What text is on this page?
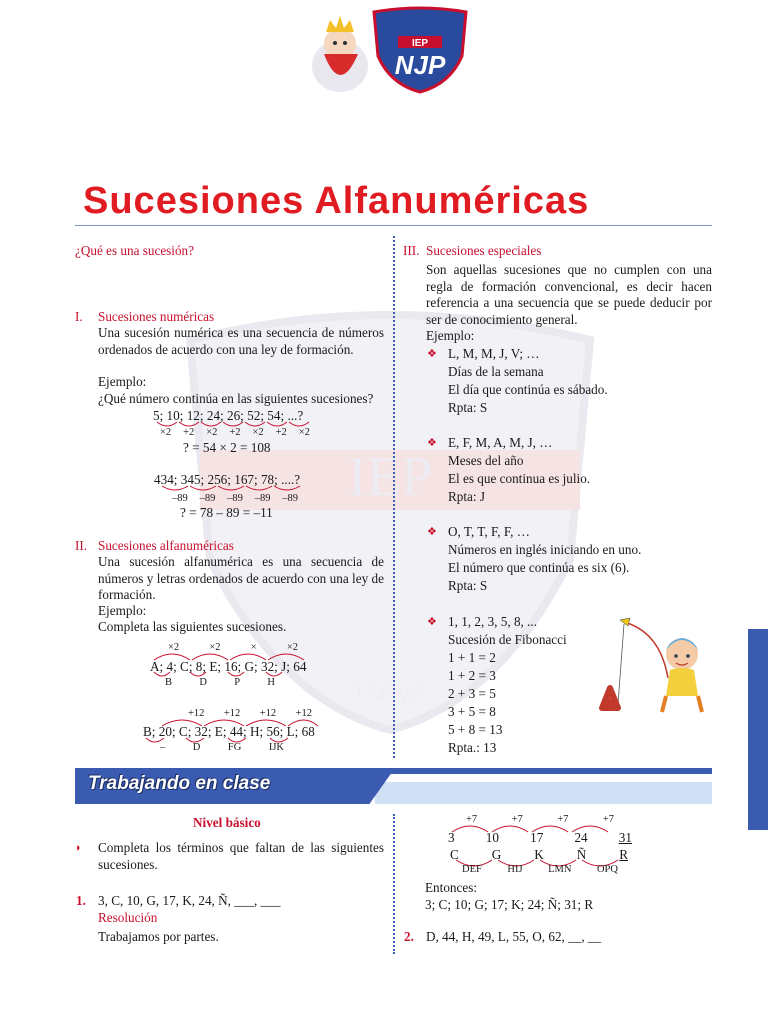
IEP
TARMA
IEP
NJP
Sucesiones Alfanuméricas
¿Qué es una sucesión?
I. Sucesiones numéricas
Una sucesión numérica es una secuencia de números ordenados de acuerdo con una ley de formación.
Ejemplo:
¿Qué número continúa en las siguientes sucesiones?
5; 10; 12; 24; 26; 52; 54; ...?
×2 +2 ×2 +2 ×2 +2 ×2
? = 54 × 2 = 108
434; 345; 256; 167; 78; ....?
–89 –89 –89 –89 –89
? = 78 – 89 = –11
II. Sucesiones alfanuméricas
Una sucesión alfanumérica es una secuencia de números y letras ordenados de acuerdo con una ley de formación.
Ejemplo:
Completa las siguientes sucesiones.
×2	×2	×	×2
A; 4; C; 8; E; 16; G; 32; J; 64
B	D	P	H
+12 +12 +12 +12
B; 20; C; 32; E; 44; H; 56; L; 68
–	D	FG	IJK
III. Sucesiones especiales
Son aquellas sucesiones que no cumplen con una regla de formación convencional, es decir hacen referencia a una secuencia que se puede deducir por ser de conocimiento general.
Ejemplo:
❖ L, M, M, J, V; …
Días de la semana
El día que continúa es sábado.
Rpta: S
❖ E, F, M, A, M, J, …
Meses del año
El es que continua es julio.
Rpta: J
❖ O, T, T, F, F, …
Números en inglés iniciando en uno.
El número que continúa es six (6).
Rpta: S
❖ 1, 1, 2, 3, 5, 8, ...
Sucesión de Fibonacci
1 + 1 = 2
1 + 2 = 3
2 + 3 = 5
3 + 5 = 8
5 + 8 = 13
Rpta.: 13
Trabajando en clase
Nivel básico
◗ Completa los términos que faltan de las siguientes sucesiones.
1. 3, C, 10, G, 17, K, 24, Ñ, ___, ___
Resolución
Trabajamos por partes.
+7	+7	+7	+7
3 10 17 24 31
C G K Ñ R
DEF HIJ LMN OPQ
Entonces:
3; C; 10; G; 17; K; 24; Ñ; 31; R
2. D, 44, H, 49, L, 55, O, 62, __, __
